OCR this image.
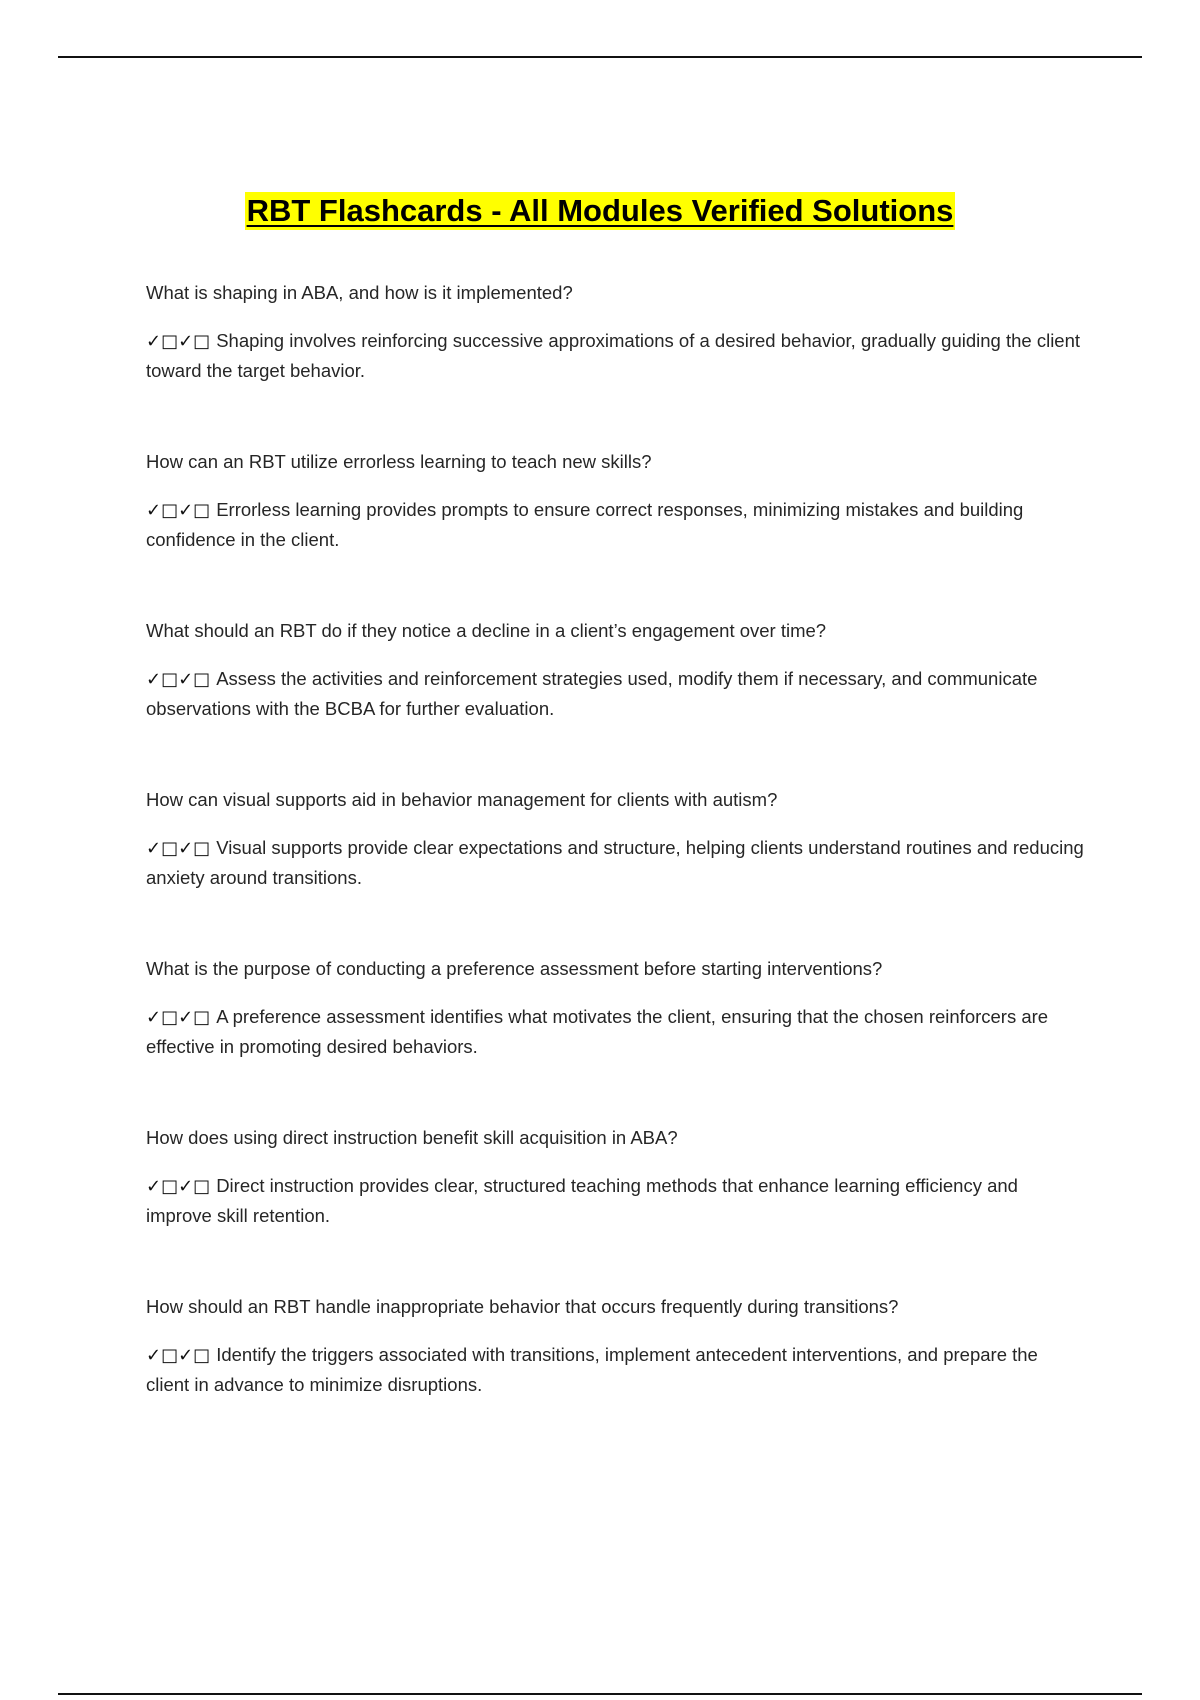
RBT Flashcards - All Modules Verified Solutions

What is shaping in ABA, and how is it implemented?

✓□✓□ Shaping involves reinforcing successive approximations of a desired behavior, gradually guiding the client toward the target behavior.

How can an RBT utilize errorless learning to teach new skills?

✓□✓□ Errorless learning provides prompts to ensure correct responses, minimizing mistakes and building confidence in the client.

What should an RBT do if they notice a decline in a client’s engagement over time?

✓□✓□ Assess the activities and reinforcement strategies used, modify them if necessary, and communicate observations with the BCBA for further evaluation.

How can visual supports aid in behavior management for clients with autism?

✓□✓□ Visual supports provide clear expectations and structure, helping clients understand routines and reducing anxiety around transitions.

What is the purpose of conducting a preference assessment before starting interventions?

✓□✓□ A preference assessment identifies what motivates the client, ensuring that the chosen reinforcers are effective in promoting desired behaviors.

How does using direct instruction benefit skill acquisition in ABA?

✓□✓□ Direct instruction provides clear, structured teaching methods that enhance learning efficiency and improve skill retention.

How should an RBT handle inappropriate behavior that occurs frequently during transitions?

✓□✓□ Identify the triggers associated with transitions, implement antecedent interventions, and prepare the client in advance to minimize disruptions.
